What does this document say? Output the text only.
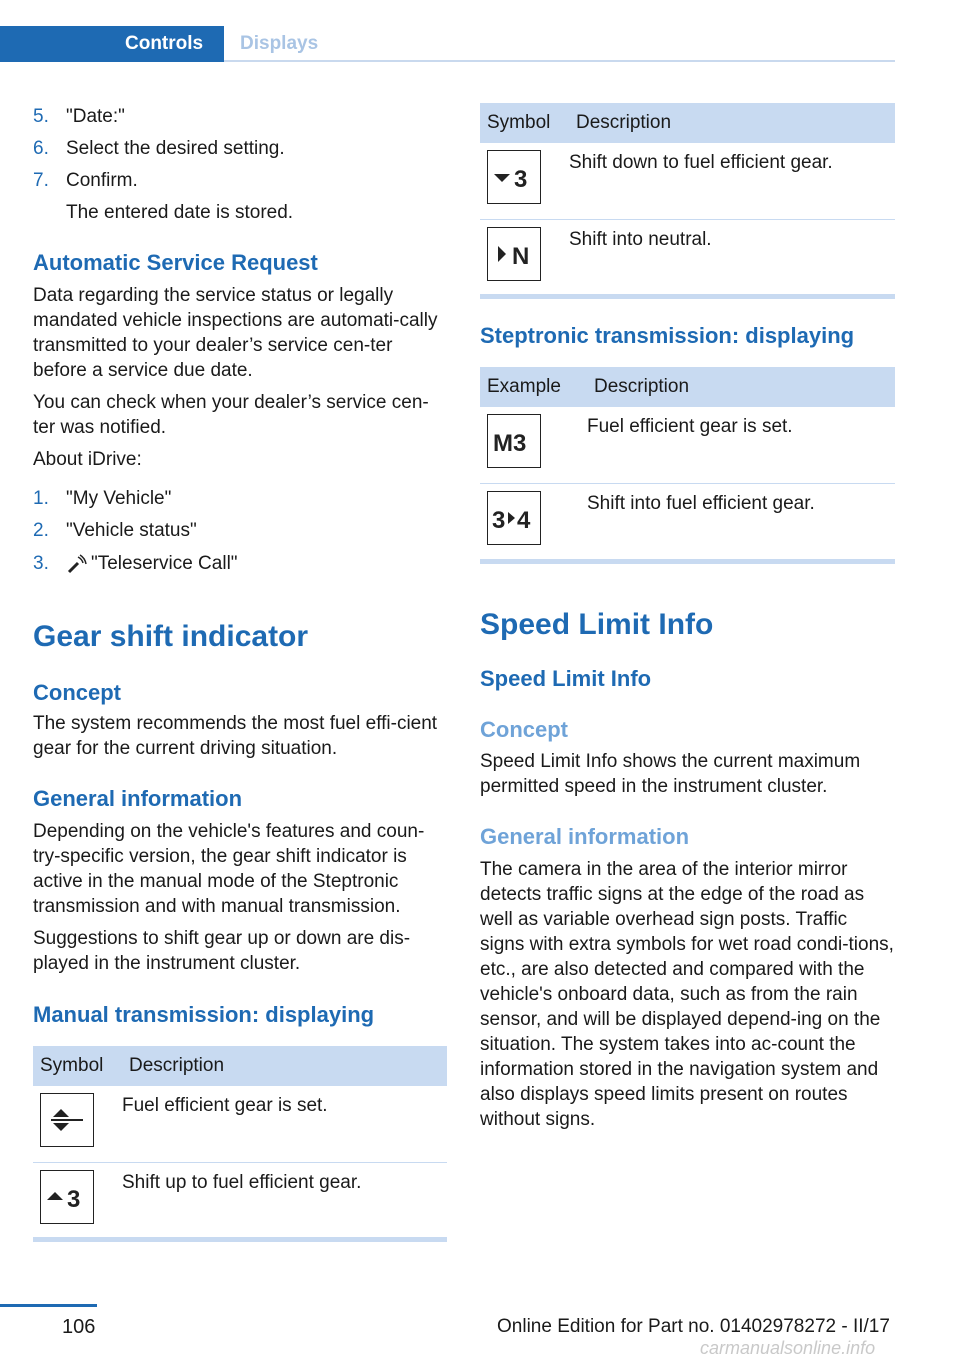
Controls Displays
5. "Date:"
6. Select the desired setting.
7. Confirm.
The entered date is stored.
Automatic Service Request

Data regarding the service status or legally mandated vehicle inspections are automati‐cally transmitted to your dealer’s service cen‐ter before a service due date.

You can check when your dealer’s service cen‐ter was notified.

About iDrive:

1. "My Vehicle"
2. "Vehicle status"
3. "Teleservice Call"
Gear shift indicator
Concept

The system recommends the most fuel effi‐cient gear for the current driving situation.

General information

Depending on the vehicle's features and coun‐try-specific version, the gear shift indicator is active in the manual mode of the Steptronic transmission and with manual transmission.

Suggestions to shift gear up or down are dis‐played in the instrument cluster.

Manual transmission: displaying
Symbol	Description

	Fuel efficient gear is set.

3	Shift up to fuel efficient gear.
Symbol	Description

3	Shift down to fuel efficient gear.

N	Shift into neutral.
Steptronic transmission: displaying
Example	Description

M3	Fuel efficient gear is set.

3 4	Shift into fuel efficient gear.
Speed Limit Info
Speed Limit Info
Concept

Speed Limit Info shows the current maximum permitted speed in the instrument cluster.

General information

The camera in the area of the interior mirror detects traffic signs at the edge of the road as well as variable overhead sign posts. Traffic signs with extra symbols for wet road condi‐tions, etc., are also detected and compared with the vehicle's onboard data, such as from the rain sensor, and will be displayed depend‐ing on the situation. The system takes into ac‐count the information stored in the navigation system and also displays speed limits present on routes without signs.

106	Online Edition for Part no. 01402978272 - II/17
carmanualsonline.info
